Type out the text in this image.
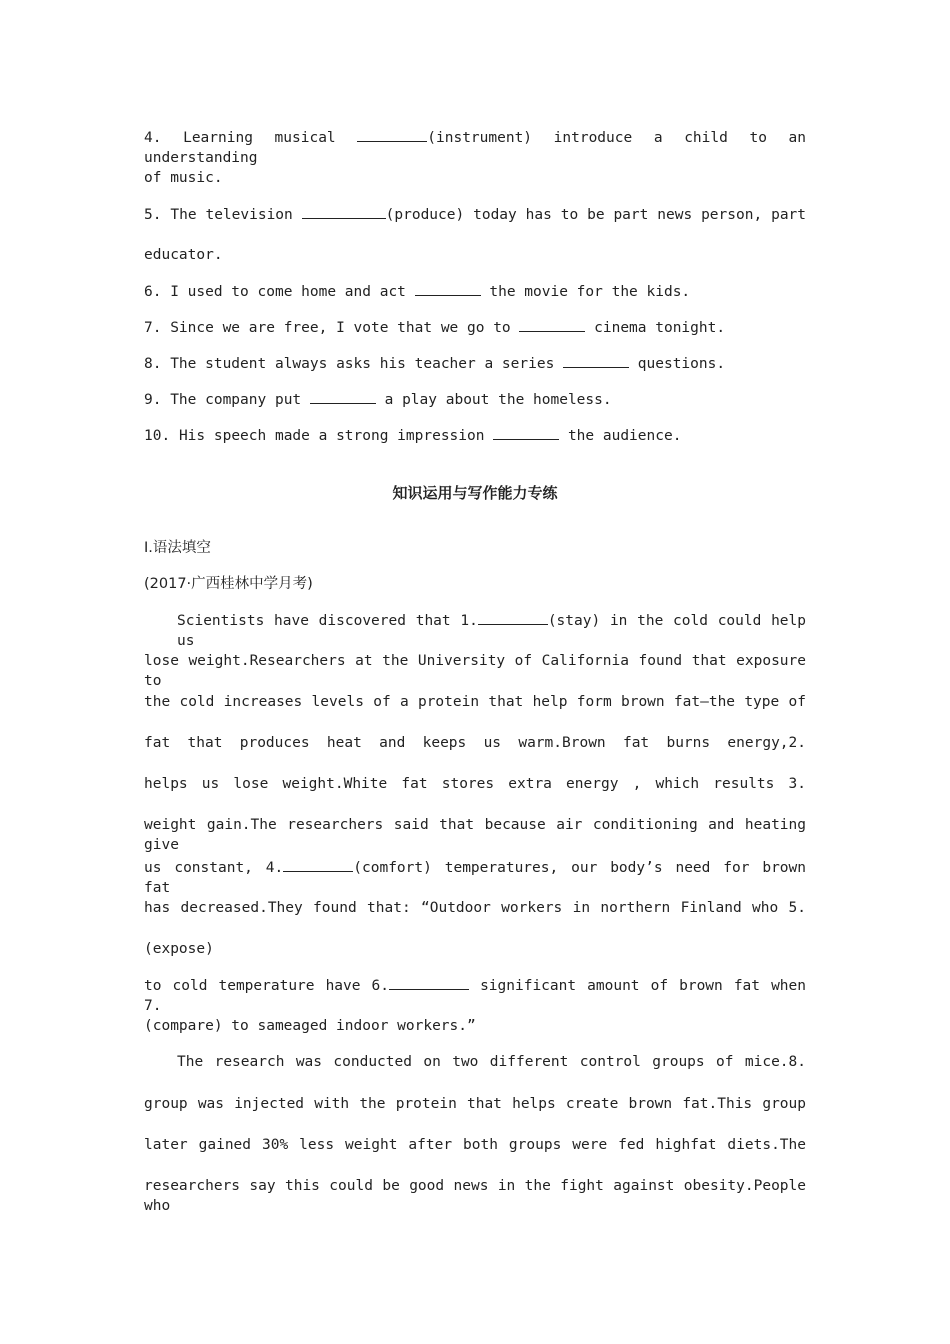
4. Learning musical	(instrument) introduce a child to an understanding
of music.
5. The television	(produce) today has to be part news person, part
educator.
6. I used to come home and act	the movie for the kids.
7. Since we are free, I vote that we go to	cinema tonight.
8. The student always asks his teacher a series	questions.
9. The company put	a play about the homeless.
10. His speech made a strong impression	the audience.
知识运用与写作能力专练
Ⅰ.语法填空
(2017·广西桂林中学月考)
Scientists have discovered that 1.	(stay) in the cold could help us
lose weight.Researchers at the University of California found that exposure to
the cold increases levels of a protein that help form brown fat—the type of
fat that produces heat and keeps us warm.Brown fat burns energy,2.
helps us lose weight.White fat stores extra energy , which results 3.
weight gain.The researchers said that because air conditioning and heating give
us constant, 4.	(comfort) temperatures, our body’s need for brown fat
has decreased.They found that: “Outdoor workers in northern Finland who 5.
(expose)
to cold temperature have 6.	significant amount of brown fat when 7.
(compare) to sameaged indoor workers.”
The research was conducted on two different control groups of mice.8.
group was injected with the protein that helps create brown fat.This group
later gained 30% less weight after both groups were fed highfat diets.The
researchers say this could be good news in the fight against obesity.People who
